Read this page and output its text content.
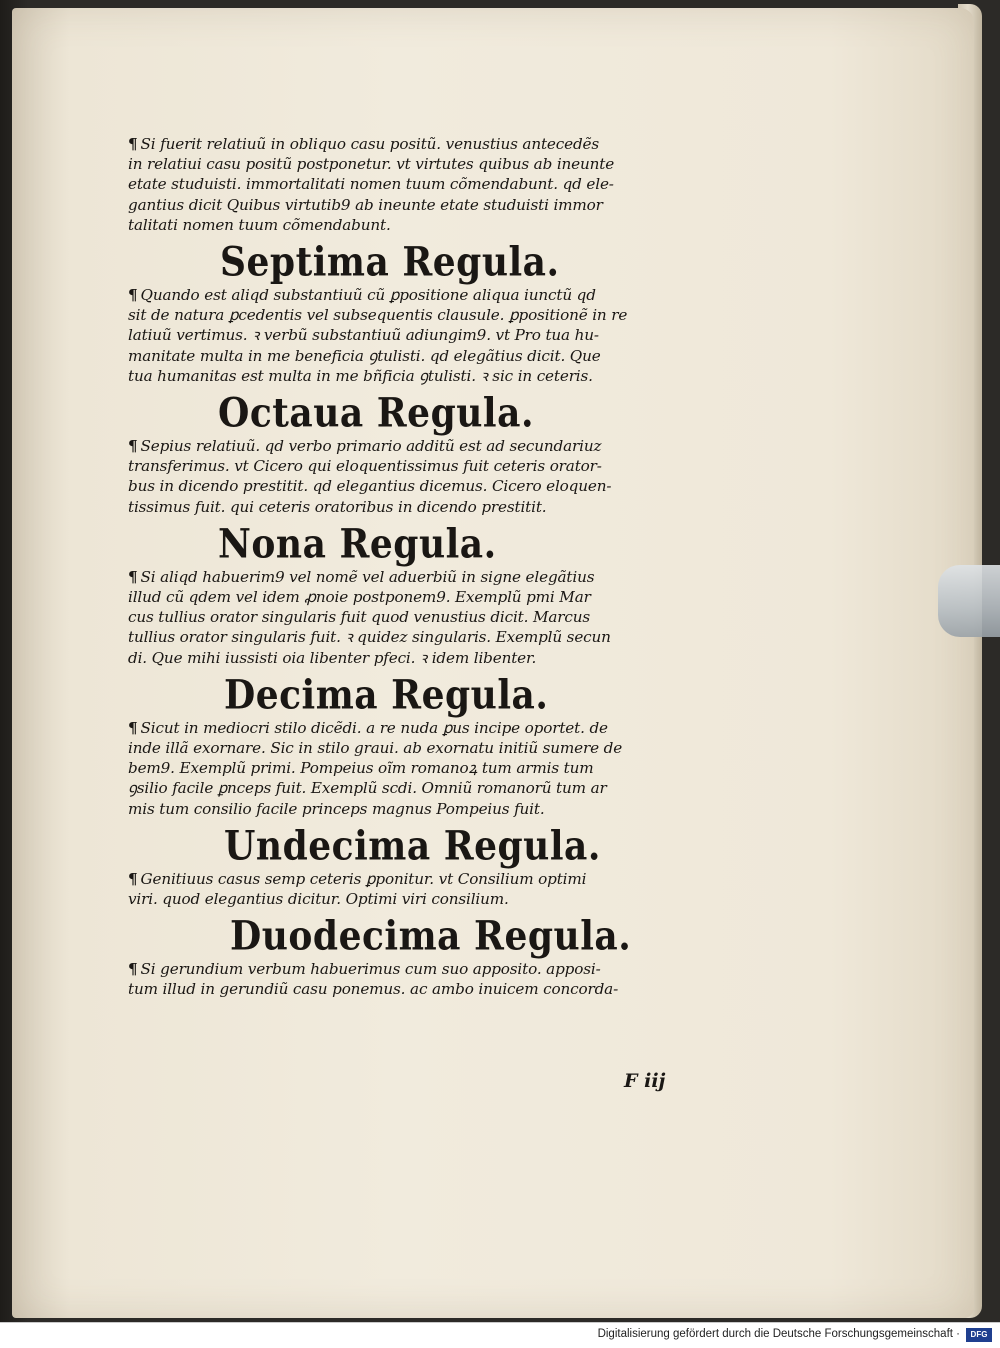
¶ Si fuerit relatiuũ in obliquo casu positũ. venustius antecedẽs
in relatiui casu positũ postponetur. vt virtutes quibus ab ineunte
etate studuisti. immortalitati nomen tuum cõmendabunt. qd ele-
gantius dicit Quibus virtutib9 ab ineunte etate studuisti immor
talitati nomen tuum cõmendabunt.

Septima Regula.

¶ Quando est aliqd substantiuũ cũ ꝑpositione aliqua iunctũ qd
sit de natura ꝑcedentis vel subsequentis clausule. ꝑpositionẽ in re
latiuũ vertimus. ꝛ verbũ substantiuũ adiungim9. vt Pro tua hu-
manitate multa in me beneficia ꝯtulisti. qd elegãtius dicit. Que
tua humanitas est multa in me bñficia ꝯtulisti. ꝛ sic in ceteris.

Octaua Regula.

¶ Sepius relatiuũ. qd verbo primario additũ est ad secundariuz
transferimus. vt Cicero qui eloquentissimus fuit ceteris orator-
bus in dicendo prestitit. qd elegantius dicemus. Cicero eloquen-
tissimus fuit. qui ceteris oratoribus in dicendo prestitit.

Nona Regula.

¶ Si aliqd habuerim9 vel nomẽ vel aduerbiũ in signe elegãtius
illud cũ qdem vel idem ꝓnoie postponem9. Exemplũ pmi Mar
cus tullius orator singularis fuit quod venustius dicit. Marcus
tullius orator singularis fuit. ꝛ quidez singularis. Exemplũ secun
di. Que mihi iussisti oia libenter pfeci. ꝛ idem libenter.

Decima Regula.

¶ Sicut in mediocri stilo dicẽdi. a re nuda ꝑus incipe oportet. de
inde illã exornare. Sic in stilo graui. ab exornatu initiũ sumere de
bem9. Exemplũ primi. Pompeius oĩm romanoꝝ tum armis tum
ꝯsilio facile ꝑnceps fuit. Exemplũ scdi. Omniũ romanorũ tum ar
mis tum consilio facile princeps magnus Pompeius fuit.

Undecima Regula.

¶ Genitiuus casus semp ceteris ꝑponitur. vt Consilium optimi
viri. quod elegantius dicitur. Optimi viri consilium.

Duodecima Regula.

¶ Si gerundium verbum habuerimus cum suo apposito. apposi-
tum illud in gerundiũ casu ponemus. ac ambo inuicem concorda-

F iij
Digitalisierung gefördert durch die Deutsche Forschungsgemeinschaft ·	DFG
